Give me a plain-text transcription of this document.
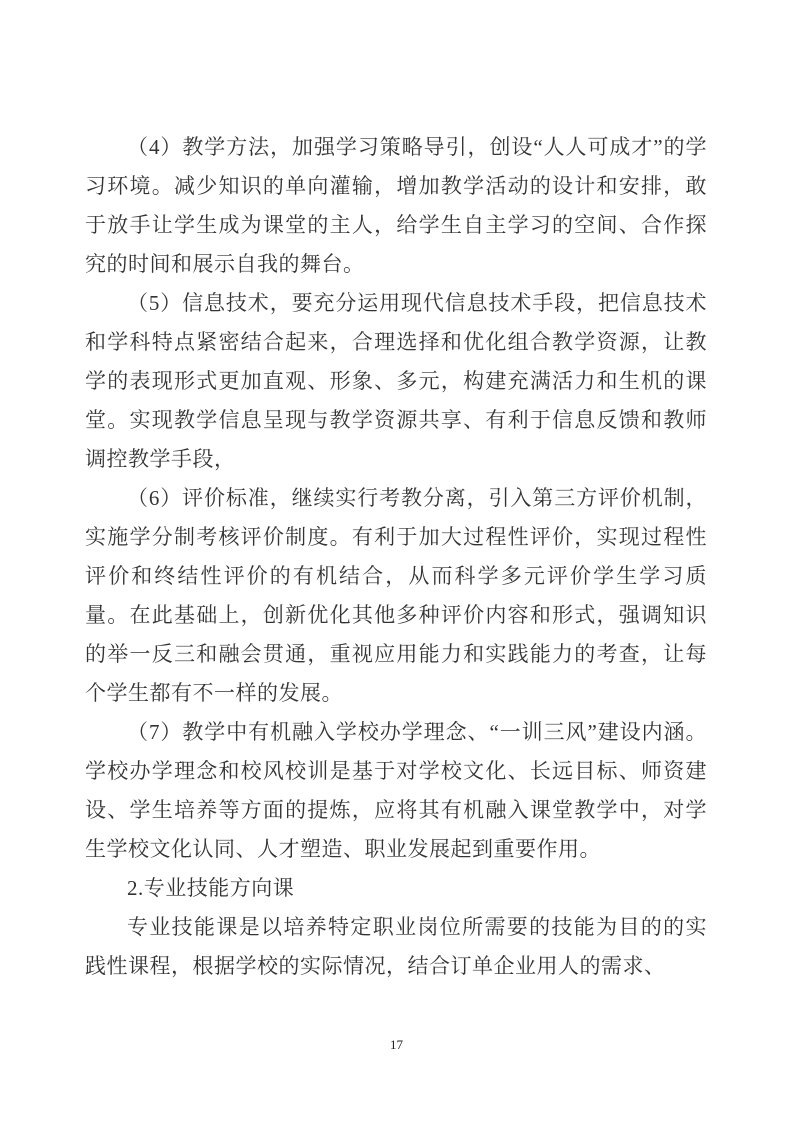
（4）教学方法，加强学习策略导引，创设“人人可成才”的学习环境。减少知识的单向灌输，增加教学活动的设计和安排，敢于放手让学生成为课堂的主人，给学生自主学习的空间、合作探究的时间和展示自我的舞台。

（5）信息技术，要充分运用现代信息技术手段，把信息技术和学科特点紧密结合起来，合理选择和优化组合教学资源，让教学的表现形式更加直观、形象、多元，构建充满活力和生机的课堂。实现教学信息呈现与教学资源共享、有利于信息反馈和教师调控教学手段，

（6）评价标准，继续实行考教分离，引入第三方评价机制，实施学分制考核评价制度。有利于加大过程性评价，实现过程性评价和终结性评价的有机结合，从而科学多元评价学生学习质量。在此基础上，创新优化其他多种评价内容和形式，强调知识的举一反三和融会贯通，重视应用能力和实践能力的考查，让每个学生都有不一样的发展。

（7）教学中有机融入学校办学理念、“一训三风”建设内涵。学校办学理念和校风校训是基于对学校文化、长远目标、师资建设、学生培养等方面的提炼，应将其有机融入课堂教学中，对学生学校文化认同、人才塑造、职业发展起到重要作用。

2.专业技能方向课

专业技能课是以培养特定职业岗位所需要的技能为目的的实践性课程，根据学校的实际情况，结合订单企业用人的需求、

17
